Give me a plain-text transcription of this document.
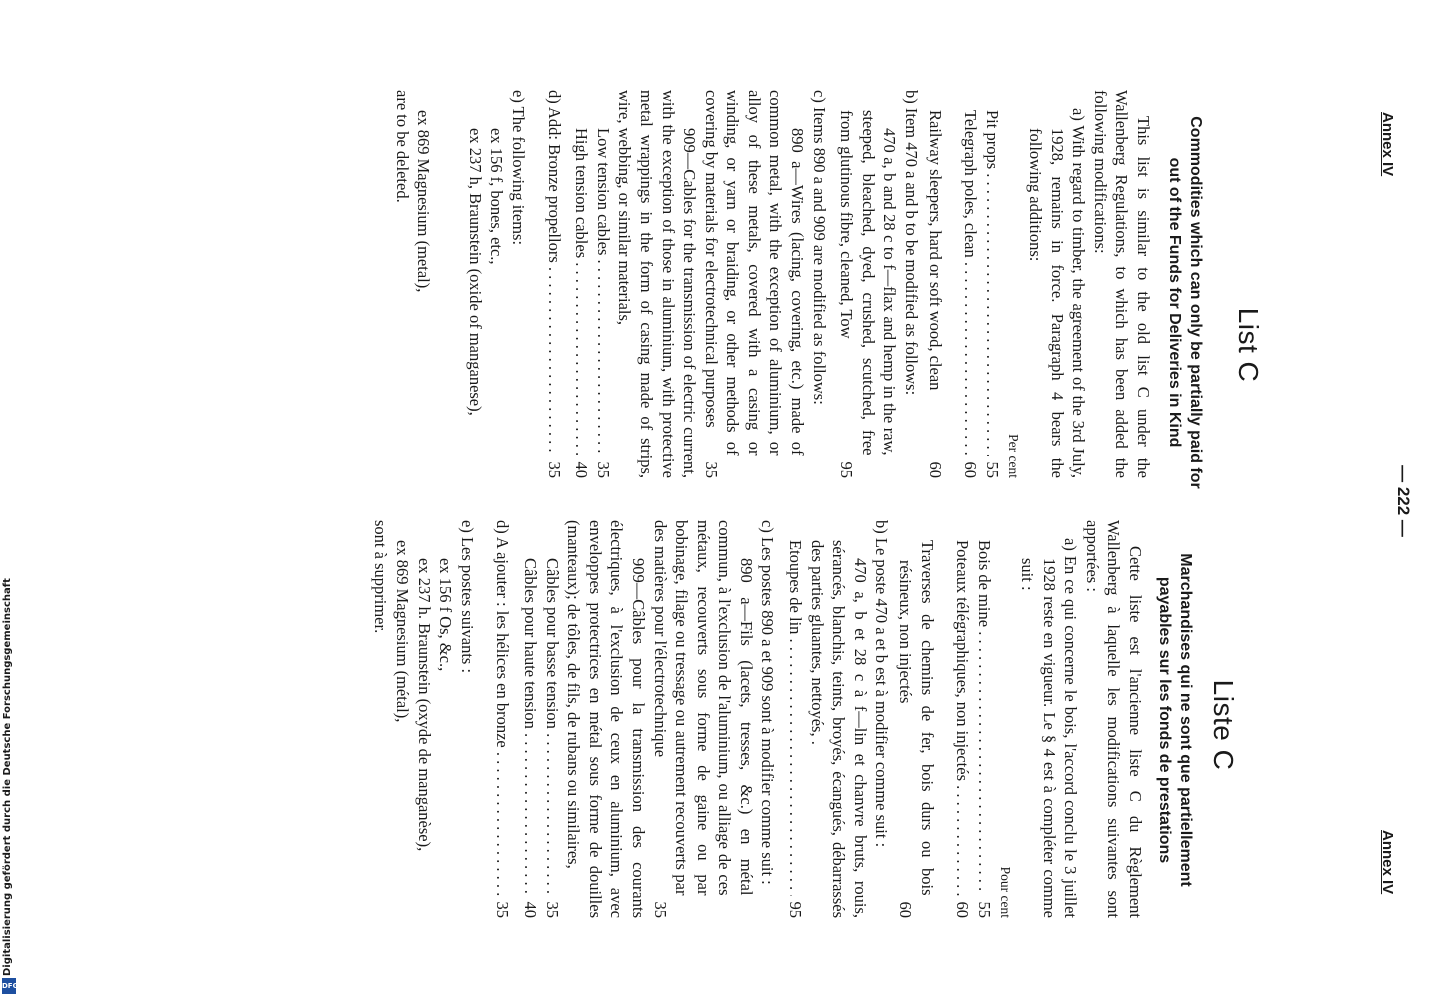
— 222 —
Annex IV
Annex IV
List C
Commodities which can only be partially paid for out of the Funds for Deliveries in Kind

This list is similar to the old list C under the Wallenberg Regulations, to which has been added the following modifications:

a) With regard to timber, the agreement of the 3rd July, 1928, remains in force. Paragraph 4 bears the following additions:

Per cent
Pit props . . .
55
Telegraph poles, clean . . .
60

Railway sleepers, hard or soft wood, clean

60

b) Item 470 a and b to be modified as follows:

470 a, b and 28 c to f—flax and hemp in the raw, steeped, bleached, dyed, crushed, scutched, free from glutinous fibre, cleaned, Tow

95

c) Items 890 a and 909 are modified as follows:

890 a—Wires (lacing, covering, etc.) made of common metal, with the exception of aluminium, or alloy of these metals, covered with a casing or winding, or yarn or braiding, or other methods of covering by materials for electrotechnical purposes

35

909—Cables for the transmission of electric current, with the exception of those in aluminium, with protective metal wrappings in the form of casing made of strips, wire, webbing, or similar materials,

Low tension cables . . .
35
High tension cables . . .
40
d) Add: Bronze propellors . . .
35

e) The following items:

ex 156 f, bones, etc.,

ex 237 h, Braunstein (oxide of manganese),

ex 869 Magnesium (metal),

are to be deleted.

Liste C
Marchandises qui ne sont que partiellement payables sur les fonds de prestations

Cette liste est l'ancienne liste C du Règlement Wallenberg à laquelle les modifications suivantes sont apportées :

a) En ce qui concerne le bois, l'accord conclu le 3 juillet 1928 reste en vigueur. Le § 4 est à compléter comme suit :

Pour cent
Bois de mine . . .
55
Poteaux télégraphiques, non injectés . . .
60

Traverses de chemins de fer, bois durs ou bois résineux, non injectés

60

b) Le poste 470 a et b est à modifier comme suit :

470 a, b et 28 c à f—lin et chanvre bruts, rouis, sérancés, blanchis, teints, broyés, écangués, débarrassés des parties gluantes, nettoyés, .

Etoupes de lin . . .
95

c) Les postes 890 a et 909 sont à modifier comme suit :

890 a—Fils (lacets, tresses, &c.) en métal commun, à l'exclusion de l'aluminium, ou alliage de ces métaux, recouverts sous forme de gaine ou par bobinage, filage ou tressage ou autrement recouverts par des matières pour l'électrotechnique

35

909—Câbles pour la transmission des courants électriques, à l'exclusion de ceux en aluminium, avec enveloppes protectrices en métal sous forme de douilles (manteaux); de tôles, de fils, de rubans ou similaires,

Câbles pour basse tension . . .
35
Câbles pour haute tension . . .
40
d) A ajouter : les hélices en bronze . . .
35

e) Les postes suivants :

ex 156 f Os, &c.,

ex 237 h. Braunstein (oxyde de manganèse),

ex 869 Magnesium (métal),

sont à supprimer.

Digitalisierung gefördert durch die Deutsche Forschungsgemeinschaft
DFG
